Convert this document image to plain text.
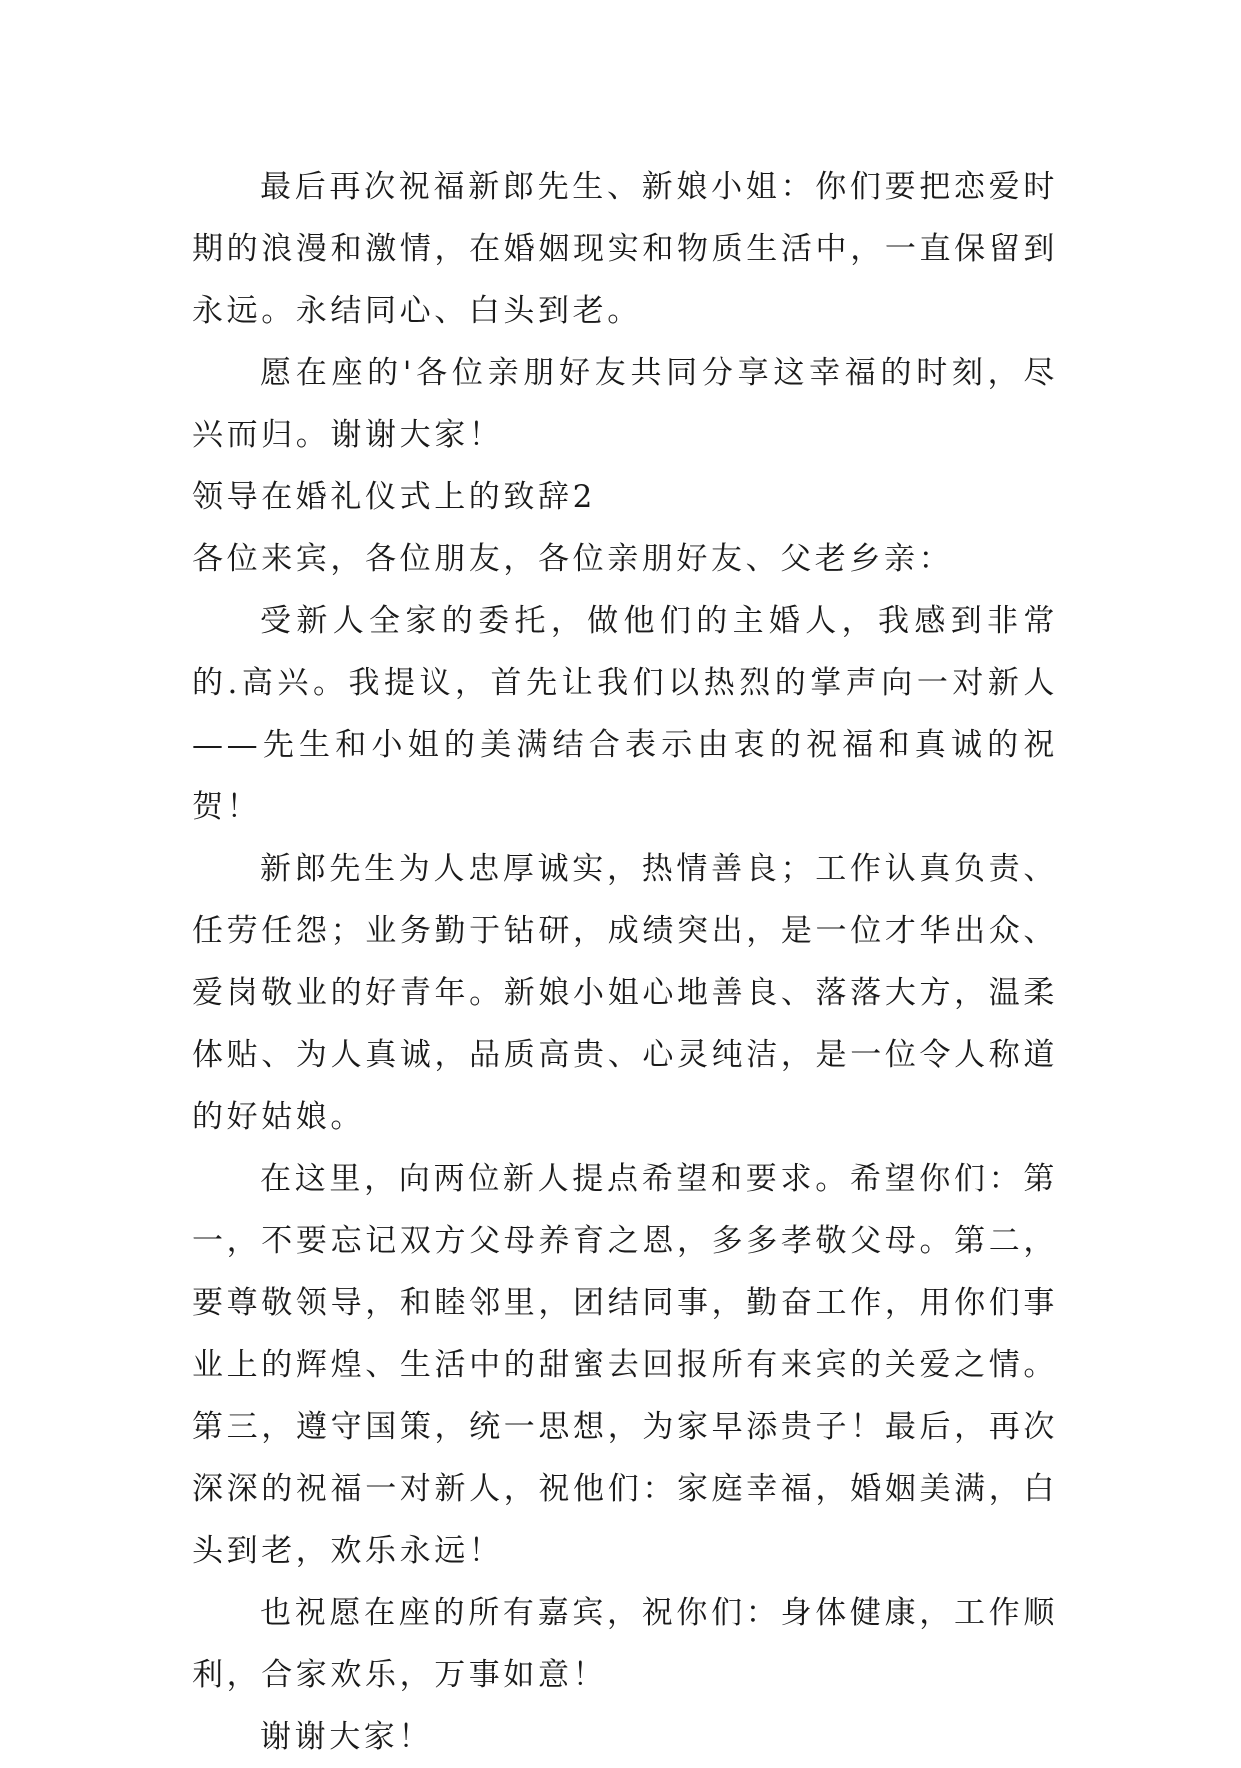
最后再次祝福新郎先生、新娘小姐：你们要把恋爱时期的浪漫和激情，在婚姻现实和物质生活中，一直保留到永远。永结同心、白头到老。

愿在座的'各位亲朋好友共同分享这幸福的时刻，尽兴而归。谢谢大家！

领导在婚礼仪式上的致辞2

各位来宾，各位朋友，各位亲朋好友、父老乡亲：

受新人全家的委托，做他们的主婚人，我感到非常的.高兴。我提议，首先让我们以热烈的掌声向一对新人——先生和小姐的美满结合表示由衷的祝福和真诚的祝贺！

新郎先生为人忠厚诚实，热情善良；工作认真负责、任劳任怨；业务勤于钻研，成绩突出，是一位才华出众、爱岗敬业的好青年。新娘小姐心地善良、落落大方，温柔体贴、为人真诚，品质高贵、心灵纯洁，是一位令人称道的好姑娘。

在这里，向两位新人提点希望和要求。希望你们：第一，不要忘记双方父母养育之恩，多多孝敬父母。第二，要尊敬领导，和睦邻里，团结同事，勤奋工作，用你们事业上的辉煌、生活中的甜蜜去回报所有来宾的关爱之情。第三，遵守国策，统一思想，为家早添贵子！最后，再次深深的祝福一对新人，祝他们：家庭幸福，婚姻美满，白头到老，欢乐永远！

也祝愿在座的所有嘉宾，祝你们：身体健康，工作顺利，合家欢乐，万事如意！

谢谢大家！
